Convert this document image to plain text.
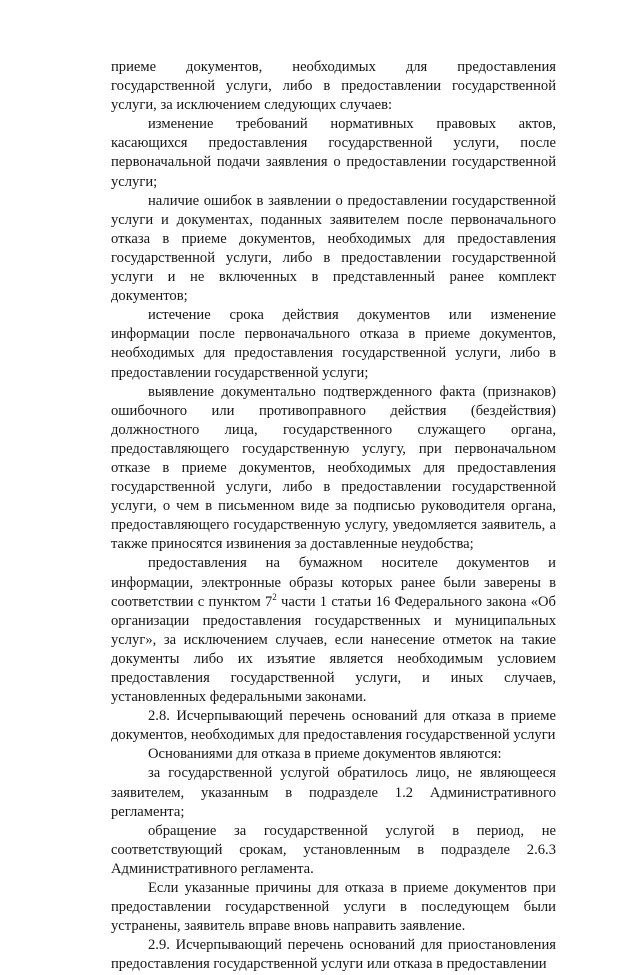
приеме документов, необходимых для предоставления государственной услуги, либо в предоставлении государственной услуги, за исключением следующих случаев:

изменение требований нормативных правовых актов, касающихся предоставления государственной услуги, после первоначальной подачи заявления о предоставлении государственной услуги;

наличие ошибок в заявлении о предоставлении государственной услуги и документах, поданных заявителем после первоначального отказа в приеме документов, необходимых для предоставления государственной услуги, либо в предоставлении государственной услуги и не включенных в представленный ранее комплект документов;

истечение срока действия документов или изменение информации после первоначального отказа в приеме документов, необходимых для предоставления государственной услуги, либо в предоставлении государственной услуги;

выявление документально подтвержденного факта (признаков) ошибочного или противоправного действия (бездействия) должностного лица, государственного служащего органа, предоставляющего государственную услугу, при первоначальном отказе в приеме документов, необходимых для предоставления государственной услуги, либо в предоставлении государственной услуги, о чем в письменном виде за подписью руководителя органа, предоставляющего государственную услугу, уведомляется заявитель, а также приносятся извинения за доставленные неудобства;

предоставления на бумажном носителе документов и информации, электронные образы которых ранее были заверены в соответствии с пунктом $7^2$ части 1 статьи 16 Федерального закона «Об организации предоставления государственных и муниципальных услуг», за исключением случаев, если нанесение отметок на такие документы либо их изъятие является необходимым условием предоставления государственной услуги, и иных случаев, установленных федеральными законами.

2.8. Исчерпывающий перечень оснований для отказа в приеме документов, необходимых для предоставления государственной услуги

Основаниями для отказа в приеме документов являются:

за государственной услугой обратилось лицо, не являющееся заявителем, указанным в подразделе 1.2 Административного регламента;

обращение за государственной услугой в период, не соответствующий срокам, установленным в подразделе 2.6.3 Административного регламента.

Если указанные причины для отказа в приеме документов при предоставлении государственной услуги в последующем были устранены, заявитель вправе вновь направить заявление.

2.9. Исчерпывающий перечень оснований для приостановления предоставления государственной услуги или отказа в предоставлении
